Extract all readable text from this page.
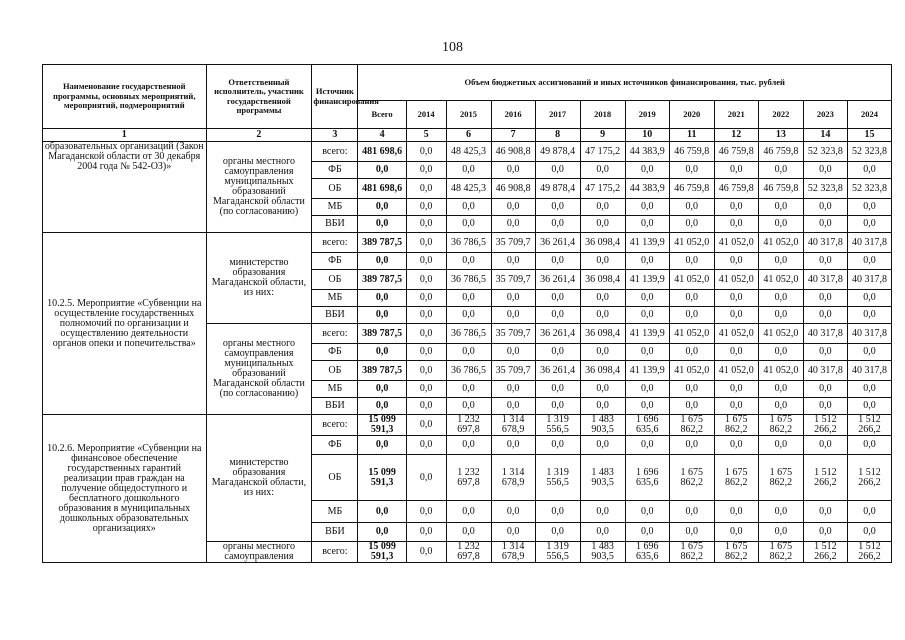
108
Наименование государственной программы, основных мероприятий, мероприятий, подмероприятий	Ответственный исполнитель, участник государственной программы	Источник финансирования	Объем бюджетных ассигнований и иных источников финансирования, тыс. рублей											
			Всего	2014	2015	2016	2017	2018	2019	2020	2021	2022	2023	2024
1	2	3	4	5	6	7	8	9	10	11	12	13	14	15
образовательных организаций (Закон Магаданской области от 30 декабря 2004 года № 542-ОЗ)»	органы местного самоуправления муниципальных образований Магаданской области (по согласованию)	всего:	481 698,6	0,0	48 425,3	46 908,8	49 878,4	47 175,2	44 383,9	46 759,8	46 759,8	46 759,8	52 323,8	52 323,8
		ФБ	0,0	0,0	0,0	0,0	0,0	0,0	0,0	0,0	0,0	0,0	0,0	0,0
		ОБ	481 698,6	0,0	48 425,3	46 908,8	49 878,4	47 175,2	44 383,9	46 759,8	46 759,8	46 759,8	52 323,8	52 323,8
		МБ	0,0	0,0	0,0	0,0	0,0	0,0	0,0	0,0	0,0	0,0	0,0	0,0
		ВБИ	0,0	0,0	0,0	0,0	0,0	0,0	0,0	0,0	0,0	0,0	0,0	0,0
10.2.5. Мероприятие «Субвенции на осуществление государственных полномочий по организации и осуществлению деятельности органов опеки и попечительства»	министерство образования Магаданской области, из них:	всего:	389 787,5	0,0	36 786,5	35 709,7	36 261,4	36 098,4	41 139,9	41 052,0	41 052,0	41 052,0	40 317,8	40 317,8
		ФБ	0,0	0,0	0,0	0,0	0,0	0,0	0,0	0,0	0,0	0,0	0,0	0,0
		ОБ	389 787,5	0,0	36 786,5	35 709,7	36 261,4	36 098,4	41 139,9	41 052,0	41 052,0	41 052,0	40 317,8	40 317,8
		МБ	0,0	0,0	0,0	0,0	0,0	0,0	0,0	0,0	0,0	0,0	0,0	0,0
		ВБИ	0,0	0,0	0,0	0,0	0,0	0,0	0,0	0,0	0,0	0,0	0,0	0,0
	органы местного самоуправления муниципальных образований Магаданской области (по согласованию)	всего:	389 787,5	0,0	36 786,5	35 709,7	36 261,4	36 098,4	41 139,9	41 052,0	41 052,0	41 052,0	40 317,8	40 317,8
		ФБ	0,0	0,0	0,0	0,0	0,0	0,0	0,0	0,0	0,0	0,0	0,0	0,0
		ОБ	389 787,5	0,0	36 786,5	35 709,7	36 261,4	36 098,4	41 139,9	41 052,0	41 052,0	41 052,0	40 317,8	40 317,8
		МБ	0,0	0,0	0,0	0,0	0,0	0,0	0,0	0,0	0,0	0,0	0,0	0,0
		ВБИ	0,0	0,0	0,0	0,0	0,0	0,0	0,0	0,0	0,0	0,0	0,0	0,0
10.2.6. Мероприятие «Субвенции на финансовое обеспечение государственных гарантий реализации прав граждан на получение общедоступного и бесплатного дошкольного образования в муниципальных дошкольных образовательных организациях»	министерство образования Магаданской области, из них:	всего:	15 099 591,3	0,0	1 232 697,8	1 314 678,9	1 319 556,5	1 483 903,5	1 696 635,6	1 675 862,2	1 675 862,2	1 675 862,2	1 512 266,2	1 512 266,2
		ФБ	0,0	0,0	0,0	0,0	0,0	0,0	0,0	0,0	0,0	0,0	0,0	0,0
		ОБ	15 099 591,3	0,0	1 232 697,8	1 314 678,9	1 319 556,5	1 483 903,5	1 696 635,6	1 675 862,2	1 675 862,2	1 675 862,2	1 512 266,2	1 512 266,2
		МБ	0,0	0,0	0,0	0,0	0,0	0,0	0,0	0,0	0,0	0,0	0,0	0,0
		ВБИ	0,0	0,0	0,0	0,0	0,0	0,0	0,0	0,0	0,0	0,0	0,0	0,0
	органы местного самоуправления	всего:	15 099 591,3	0,0	1 232 697,8	1 314 678,9	1 319 556,5	1 483 903,5	1 696 635,6	1 675 862,2	1 675 862,2	1 675 862,2	1 512 266,2	1 512 266,2
